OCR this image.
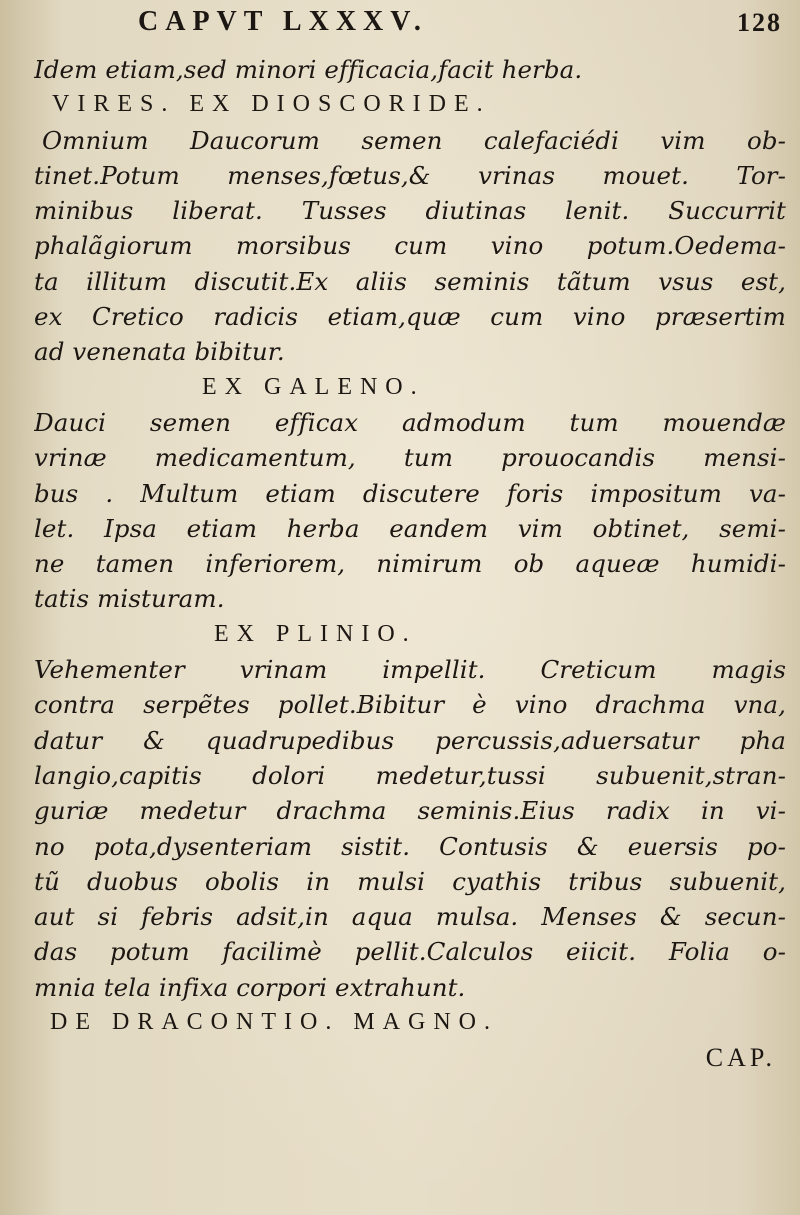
CAPVT LXXXV.	128
Idem etiam,sed minori efficacia,facit herba.
VIRES. EX DIOSCORIDE.
Omnium Daucorum semen calefaciédi vim ob-
tinet.Potum menses,fœtus,& vrinas mouet. Tor-
minibus liberat. Tusses diutinas lenit. Succurrit
phalãgiorum morsibus cum vino potum.Oedema-
ta illitum discutit.Ex aliis seminis tãtum vsus est,
ex Cretico radicis etiam,quæ cum vino præsertim
ad venenata bibitur.
EX GALENO.
Dauci semen efficax admodum tum mouendæ
vrinæ medicamentum, tum prouocandis mensi-
bus . Multum etiam discutere foris impositum va-
let. Ipsa etiam herba eandem vim obtinet, semi-
ne tamen inferiorem, nimirum ob aqueæ humidi-
tatis misturam.
EX PLINIO.
Vehementer vrinam impellit. Creticum magis
contra serpẽtes pollet.Bibitur è vino drachma vna,
datur & quadrupedibus percussis,aduersatur pha
langio,capitis dolori medetur,tussi subuenit,stran-
guriæ medetur drachma seminis.Eius radix in vi-
no pota,dysenteriam sistit. Contusis & euersis po-
tũ duobus obolis in mulsi cyathis tribus subuenit,
aut si febris adsit,in aqua mulsa. Menses & secun-
das potum facilimè pellit.Calculos eiicit. Folia o-
mnia tela infixa corpori extrahunt.
DE DRACONTIO. MAGNO.
CAP.
